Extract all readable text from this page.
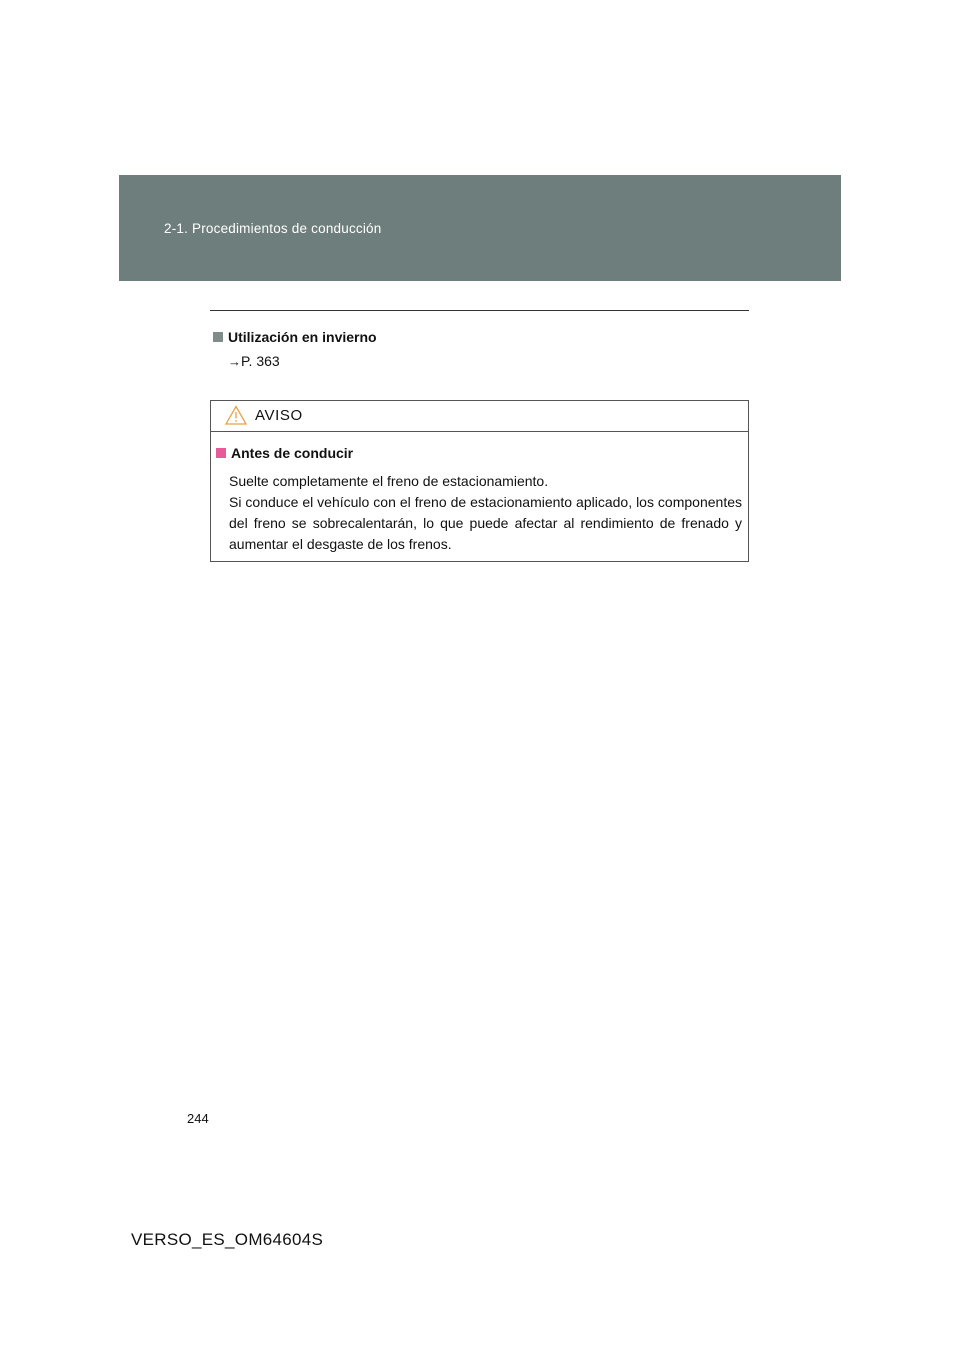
2-1. Procedimientos de conducción
Utilización en invierno
→P. 363
AVISO
Antes de conducir

Suelte completamente el freno de estacionamiento.

Si conduce el vehículo con el freno de estacionamiento aplicado, los componentes del freno se sobrecalentarán, lo que puede afectar al rendimiento de frenado y aumentar el desgaste de los frenos.

244
VERSO_ES_OM64604S
